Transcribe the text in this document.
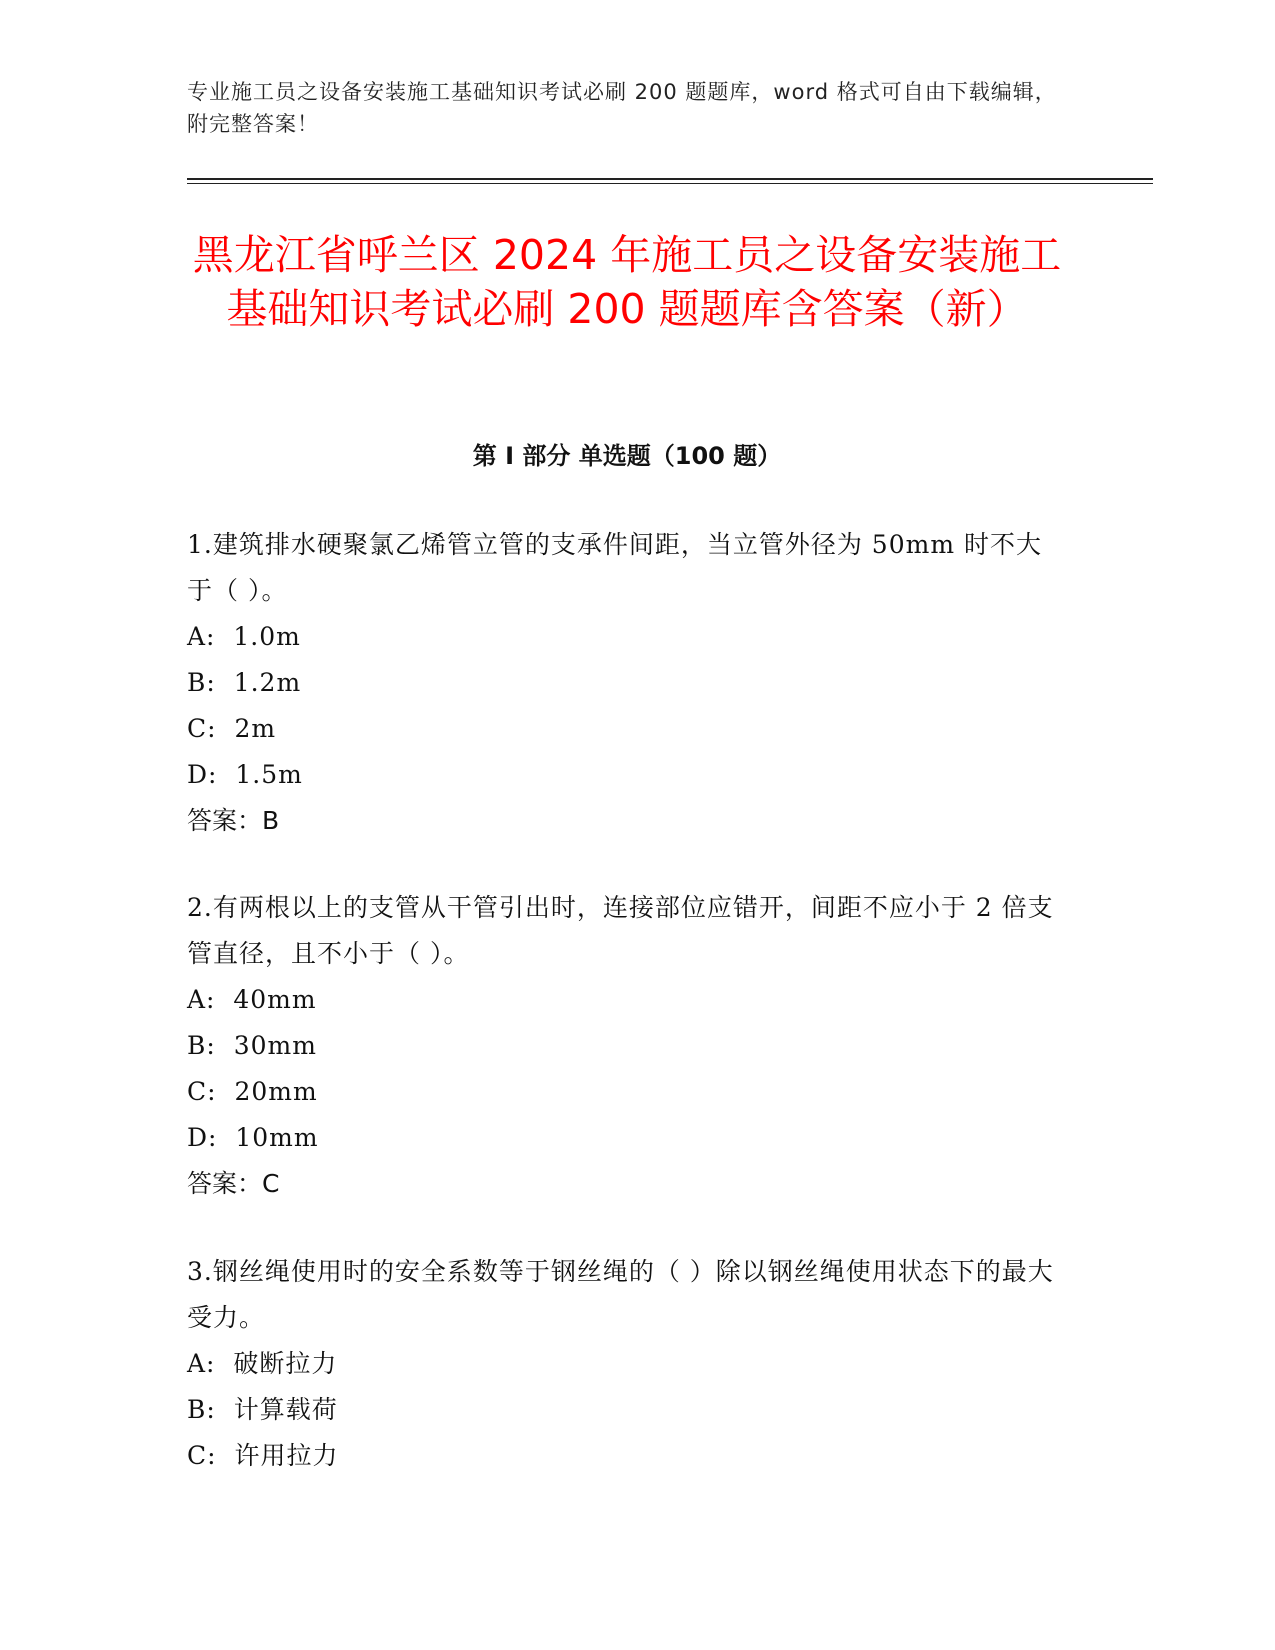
专业施工员之设备安装施工基础知识考试必刷 200 题题库，word 格式可自由下载编辑，附完整答案！
黑龙江省呼兰区 2024 年施工员之设备安装施工基础知识考试必刷 200 题题库含答案（新）
第 I 部分 单选题（100 题）

1.建筑排水硬聚氯乙烯管立管的支承件间距，当立管外径为 50mm 时不大于（ ）。

A:  1.0m

B:  1.2m

C:  2m

D:  1.5m

答案：B

2.有两根以上的支管从干管引出时，连接部位应错开，间距不应小于 2 倍支管直径，且不小于（ ）。

A:  40mm

B:  30mm

C:  20mm

D:  10mm

答案：C

3.钢丝绳使用时的安全系数等于钢丝绳的（ ）除以钢丝绳使用状态下的最大受力。

A:  破断拉力

B:  计算载荷

C:  许用拉力
